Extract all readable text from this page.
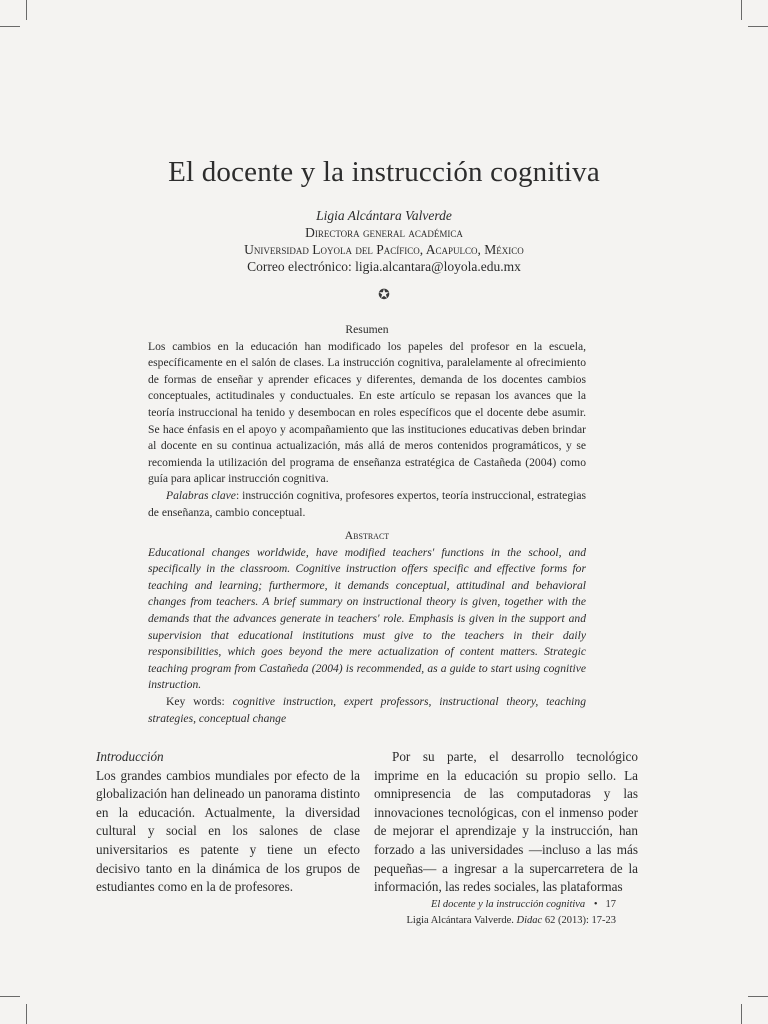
El docente y la instrucción cognitiva
Ligia Alcántara Valverde
Directora general académica
Universidad Loyola del Pacífico, Acapulco, México
Correo electrónico: ligia.alcantara@loyola.edu.mx
✪
Resumen
Los cambios en la educación han modificado los papeles del profesor en la escuela, específicamente en el salón de clases. La instrucción cognitiva, paralelamente al ofrecimiento de formas de enseñar y aprender eficaces y diferentes, demanda de los docentes cambios conceptuales, actitudinales y conductuales. En este artículo se repasan los avances que la teoría instruccional ha tenido y desembocan en roles específicos que el docente debe asumir. Se hace énfasis en el apoyo y acompañamiento que las instituciones educativas deben brindar al docente en su continua actualización, más allá de meros contenidos programáticos, y se recomienda la utilización del programa de enseñanza estratégica de Castañeda (2004) como guía para aplicar instrucción cognitiva.
Palabras clave: instrucción cognitiva, profesores expertos, teoría instruccional, estrategias de enseñanza, cambio conceptual.
Abstract
Educational changes worldwide, have modified teachers' functions in the school, and specifically in the classroom. Cognitive instruction offers specific and effective forms for teaching and learning; furthermore, it demands conceptual, attitudinal and behavioral changes from teachers. A brief summary on instructional theory is given, together with the demands that the advances generate in teachers' role. Emphasis is given in the support and supervision that educational institutions must give to the teachers in their daily responsibilities, which goes beyond the mere actualization of content matters. Strategic teaching program from Castañeda (2004) is recommended, as a guide to start using cognitive instruction.
Key words: cognitive instruction, expert professors, instructional theory, teaching strategies, conceptual change
Introducción
Los grandes cambios mundiales por efecto de la globalización han delineado un panorama distinto en la educación. Actualmente, la diversidad cultural y social en los salones de clase universitarios es patente y tiene un efecto decisivo tanto en la dinámica de los grupos de estudiantes como en la de profesores.
Por su parte, el desarrollo tecnológico imprime en la educación su propio sello. La omnipresencia de las computadoras y las innovaciones tecnológicas, con el inmenso poder de mejorar el aprendizaje y la instrucción, han forzado a las universidades —incluso a las más pequeñas— a ingresar a la supercarretera de la información, las redes sociales, las plataformas
El docente y la instrucción cognitiva • 17
Ligia Alcántara Valverde. Didac 62 (2013): 17-23
